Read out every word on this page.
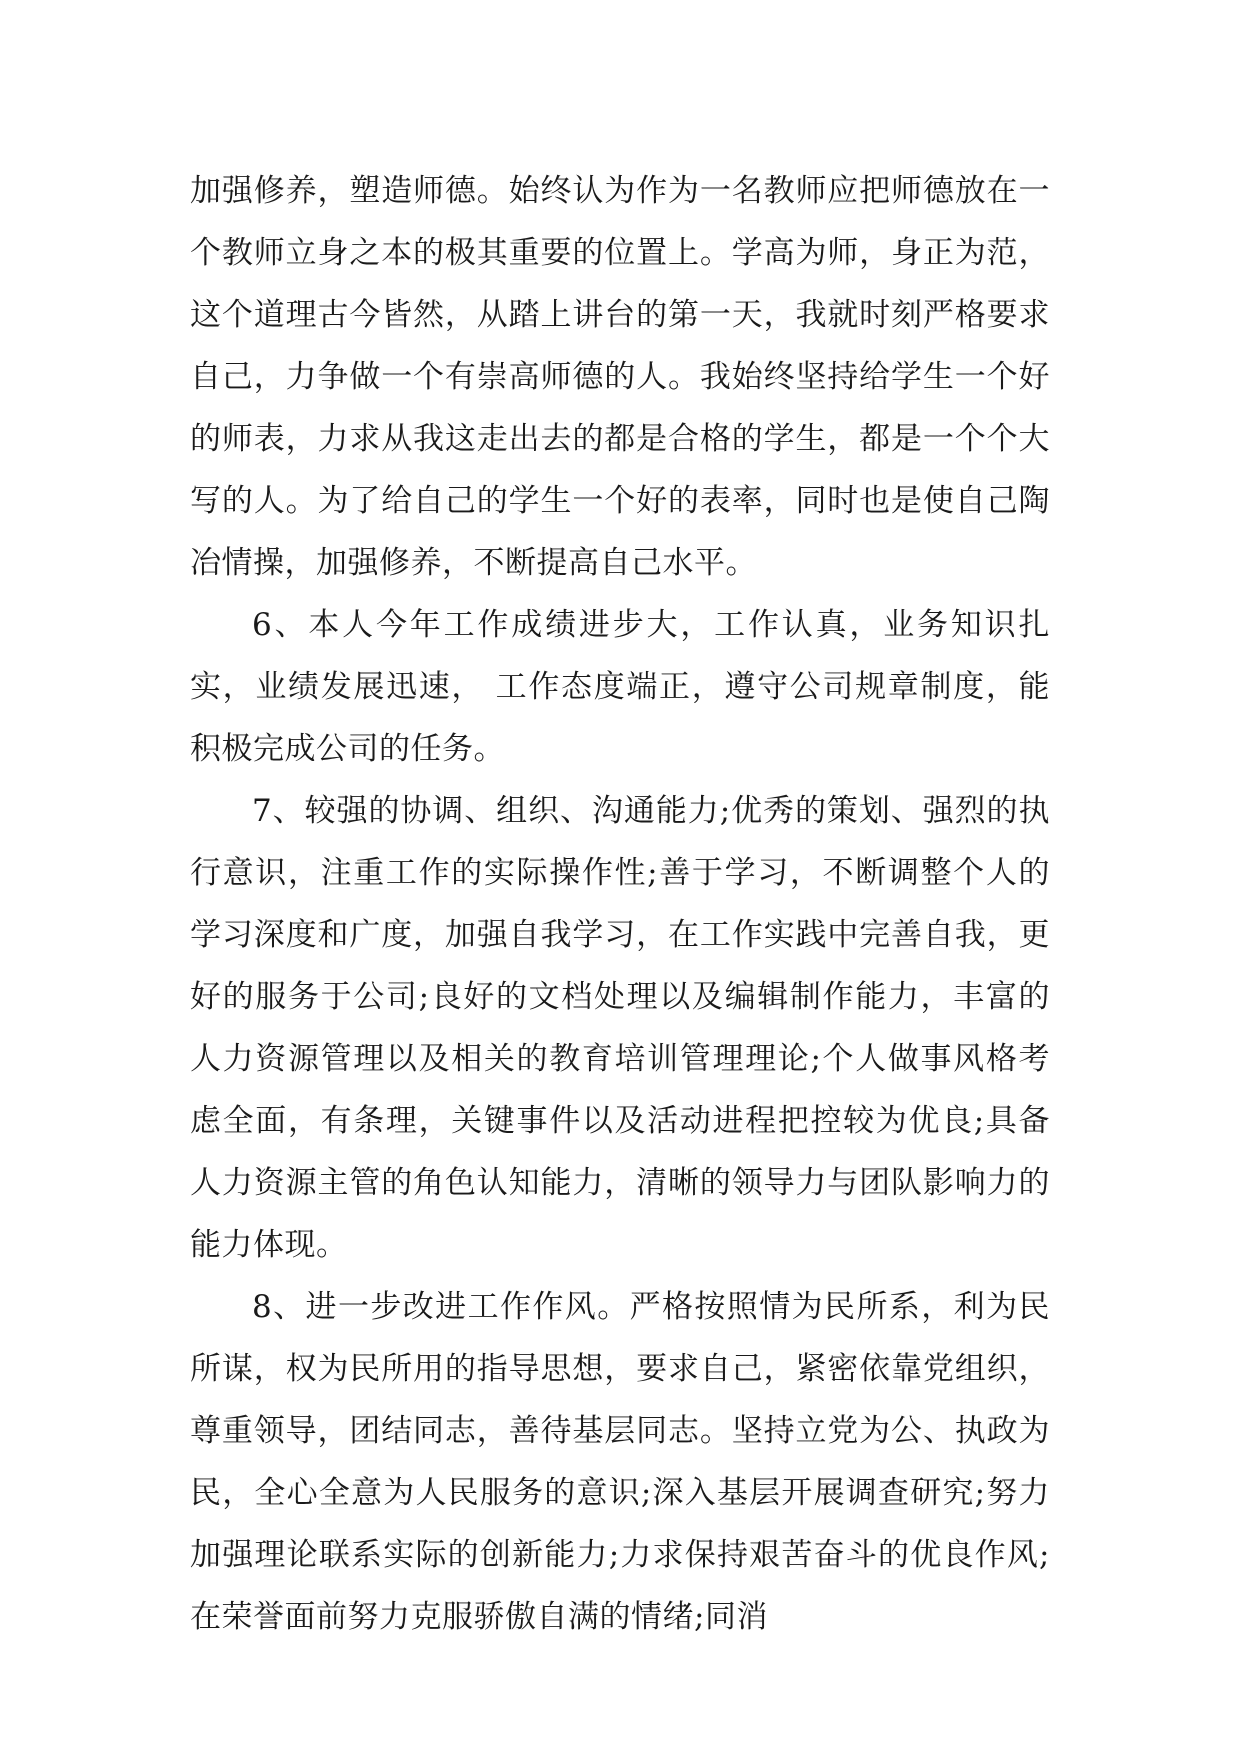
加强修养，塑造师德。始终认为作为一名教师应把师德放在一个教师立身之本的极其重要的位置上。学高为师，身正为范，这个道理古今皆然，从踏上讲台的第一天，我就时刻严格要求自己，力争做一个有崇高师德的人。我始终坚持给学生一个好的师表，力求从我这走出去的都是合格的学生，都是一个个大写的人。为了给自己的学生一个好的表率，同时也是使自己陶冶情操，加强修养，不断提高自己水平。

6、本人今年工作成绩进步大，工作认真，业务知识扎实，业绩发展迅速， 工作态度端正，遵守公司规章制度，能积极完成公司的任务。

7、较强的协调、组织、沟通能力;优秀的策划、强烈的执行意识，注重工作的实际操作性;善于学习，不断调整个人的学习深度和广度，加强自我学习，在工作实践中完善自我，更好的服务于公司;良好的文档处理以及编辑制作能力，丰富的人力资源管理以及相关的教育培训管理理论;个人做事风格考虑全面，有条理，关键事件以及活动进程把控较为优良;具备人力资源主管的角色认知能力，清晰的领导力与团队影响力的能力体现。

8、进一步改进工作作风。严格按照情为民所系，利为民所谋，权为民所用的指导思想，要求自己，紧密依靠党组织，尊重领导，团结同志，善待基层同志。坚持立党为公、执政为民，全心全意为人民服务的意识;深入基层开展调查研究;努力加强理论联系实际的创新能力;力求保持艰苦奋斗的优良作风;在荣誉面前努力克服骄傲自满的情绪;同消
